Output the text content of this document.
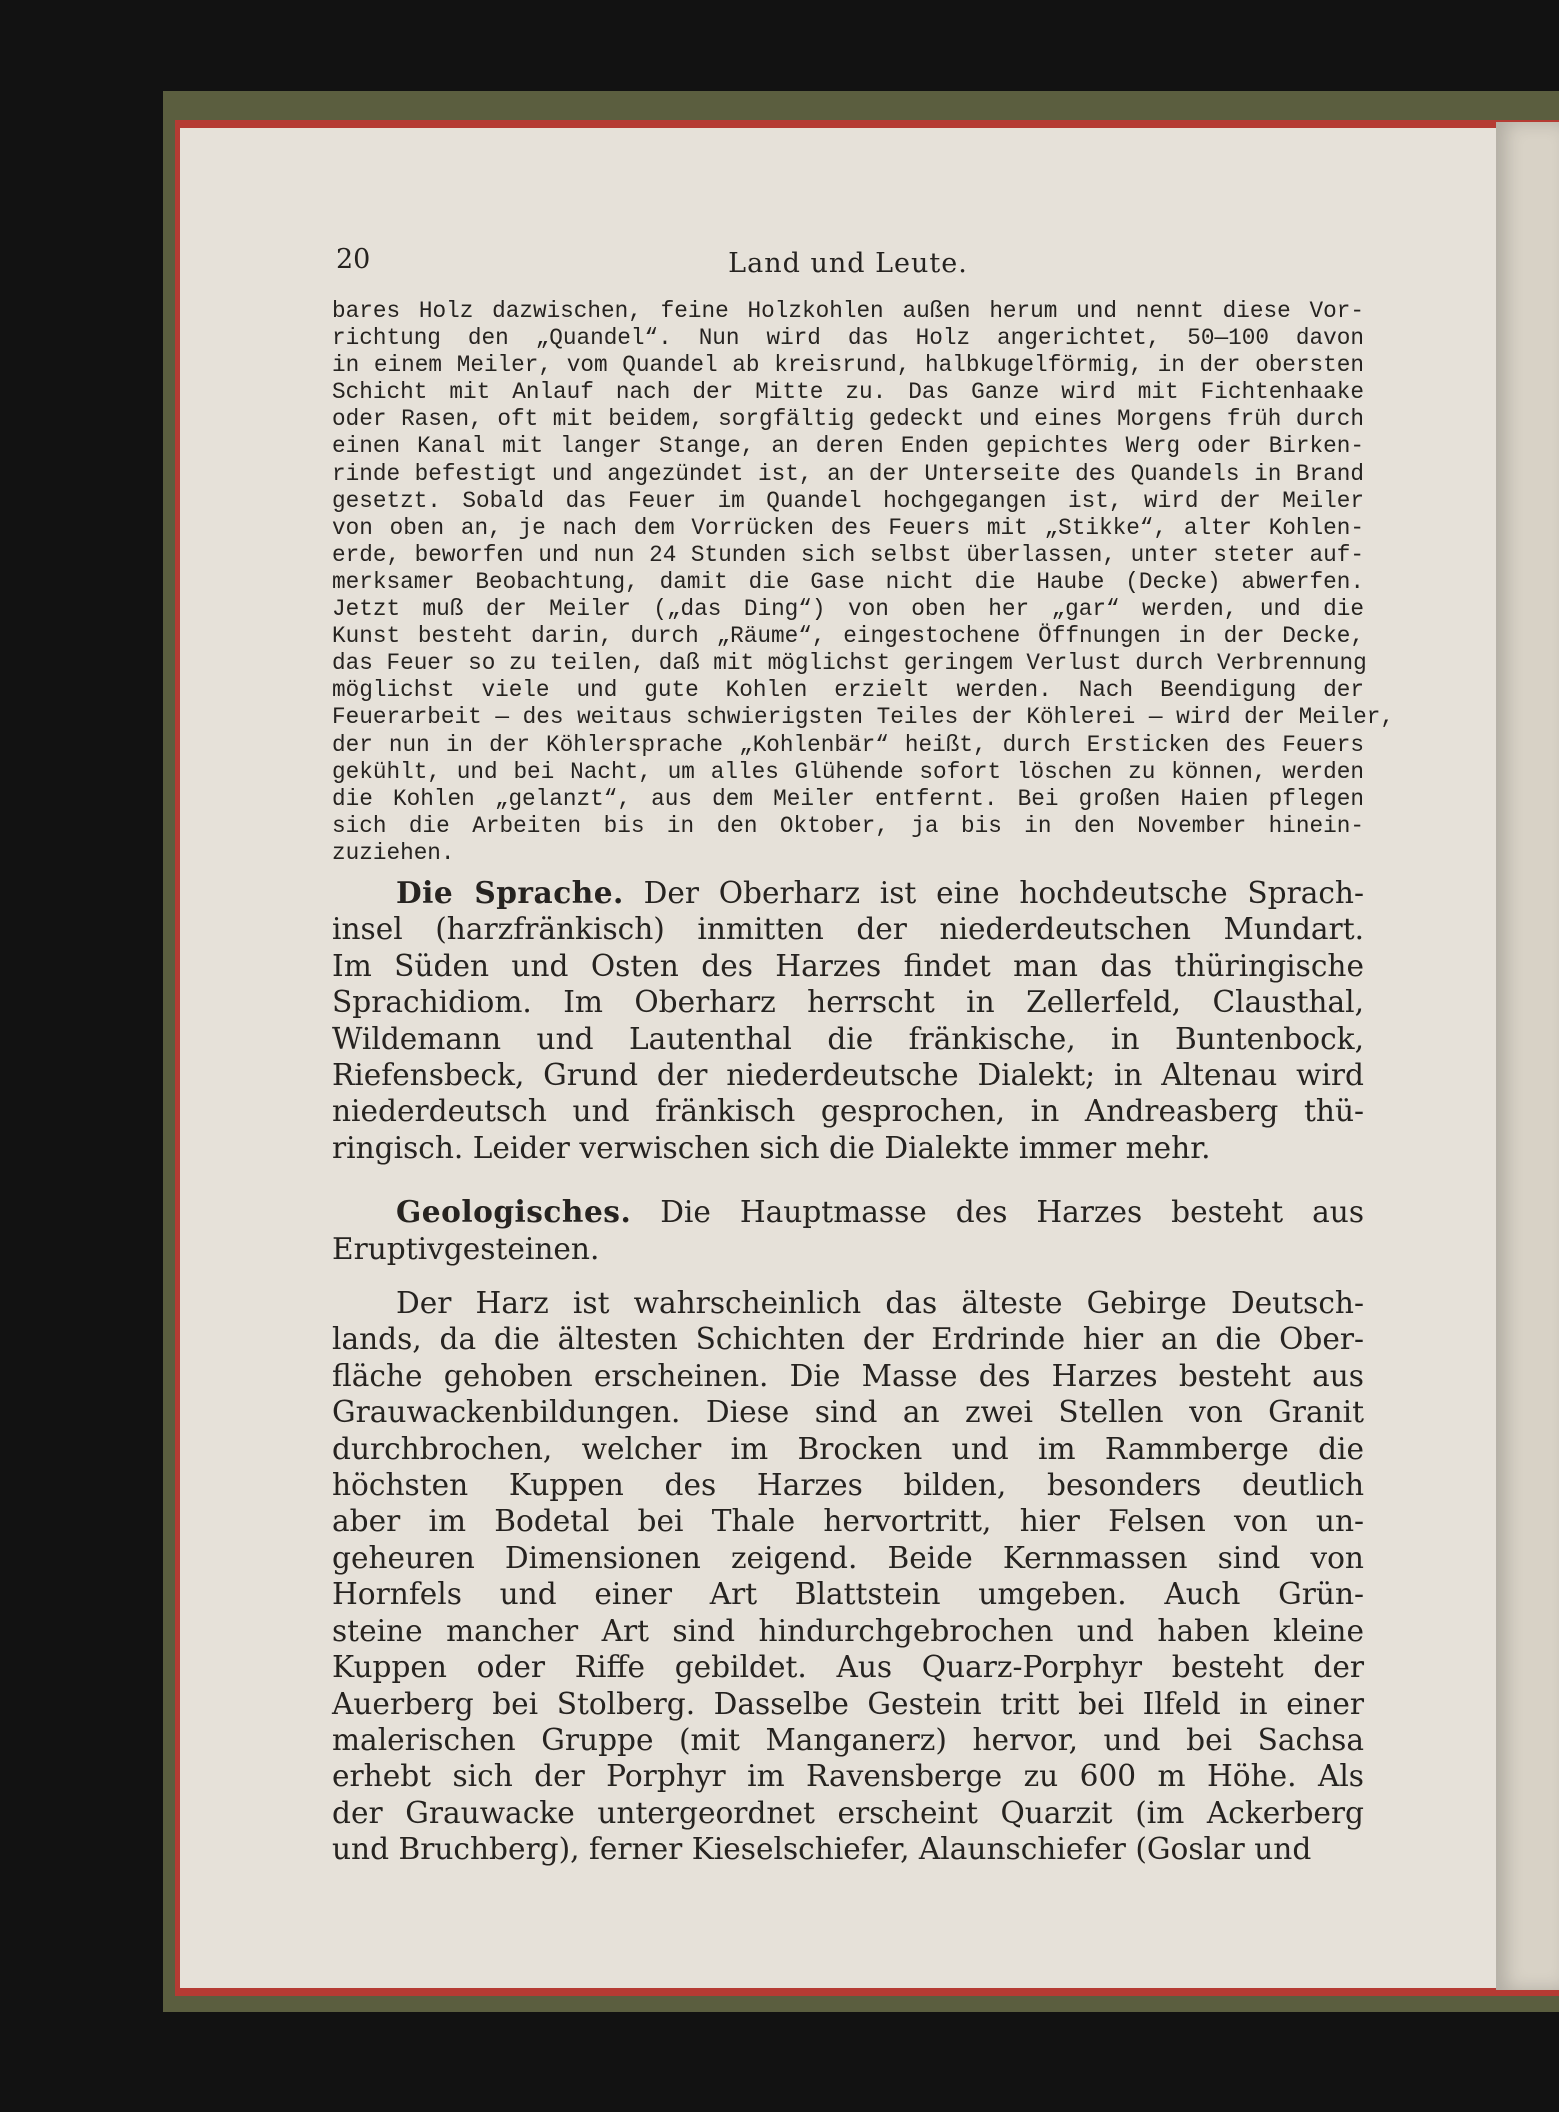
20	Land und Leute.

bares Holz dazwischen, feine Holzkohlen außen herum und nennt diese Vor-
richtung den „Quandel“. Nun wird das Holz angerichtet, 50—100 davon
in einem Meiler, vom Quandel ab kreisrund, halbkugelförmig, in der obersten
Schicht mit Anlauf nach der Mitte zu. Das Ganze wird mit Fichtenhaake
oder Rasen, oft mit beidem, sorgfältig gedeckt und eines Morgens früh durch
einen Kanal mit langer Stange, an deren Enden gepichtes Werg oder Birken-
rinde befestigt und angezündet ist, an der Unterseite des Quandels in Brand
gesetzt. Sobald das Feuer im Quandel hochgegangen ist, wird der Meiler
von oben an, je nach dem Vorrücken des Feuers mit „Stikke“, alter Kohlen-
erde, beworfen und nun 24 Stunden sich selbst überlassen, unter steter auf-
merksamer Beobachtung, damit die Gase nicht die Haube (Decke) abwerfen.
Jetzt muß der Meiler („das Ding“) von oben her „gar“ werden, und die
Kunst besteht darin, durch „Räume“, eingestochene Öffnungen in der Decke,
das Feuer so zu teilen, daß mit möglichst geringem Verlust durch Verbrennung
möglichst viele und gute Kohlen erzielt werden. Nach Beendigung der
Feuerarbeit — des weitaus schwierigsten Teiles der Köhlerei — wird der Meiler,
der nun in der Köhlersprache „Kohlenbär“ heißt, durch Ersticken des Feuers
gekühlt, und bei Nacht, um alles Glühende sofort löschen zu können, werden
die Kohlen „gelanzt“, aus dem Meiler entfernt. Bei großen Haien pflegen
sich die Arbeiten bis in den Oktober, ja bis in den November hinein-
zuziehen.

Die Sprache. Der Oberharz ist eine hochdeutsche Sprach-
insel (harzfränkisch) inmitten der niederdeutschen Mundart.
Im Süden und Osten des Harzes findet man das thüringische
Sprachidiom. Im Oberharz herrscht in Zellerfeld, Clausthal,
Wildemann und Lautenthal die fränkische, in Buntenbock,
Riefensbeck, Grund der niederdeutsche Dialekt; in Altenau wird
niederdeutsch und fränkisch gesprochen, in Andreasberg thü-
ringisch. Leider verwischen sich die Dialekte immer mehr.

Geologisches. Die Hauptmasse des Harzes besteht aus
Eruptivgesteinen.

Der Harz ist wahrscheinlich das älteste Gebirge Deutsch-
lands, da die ältesten Schichten der Erdrinde hier an die Ober-
fläche gehoben erscheinen. Die Masse des Harzes besteht aus
Grauwackenbildungen. Diese sind an zwei Stellen von Granit
durchbrochen, welcher im Brocken und im Rammberge die
höchsten Kuppen des Harzes bilden, besonders deutlich
aber im Bodetal bei Thale hervortritt, hier Felsen von un-
geheuren Dimensionen zeigend. Beide Kernmassen sind von
Hornfels und einer Art Blattstein umgeben. Auch Grün-
steine mancher Art sind hindurchgebrochen und haben kleine
Kuppen oder Riffe gebildet. Aus Quarz-Porphyr besteht der
Auerberg bei Stolberg. Dasselbe Gestein tritt bei Ilfeld in einer
malerischen Gruppe (mit Manganerz) hervor, und bei Sachsa
erhebt sich der Porphyr im Ravensberge zu 600 m Höhe. Als
der Grauwacke untergeordnet erscheint Quarzit (im Ackerberg
und Bruchberg), ferner Kieselschiefer, Alaunschiefer (Goslar und
